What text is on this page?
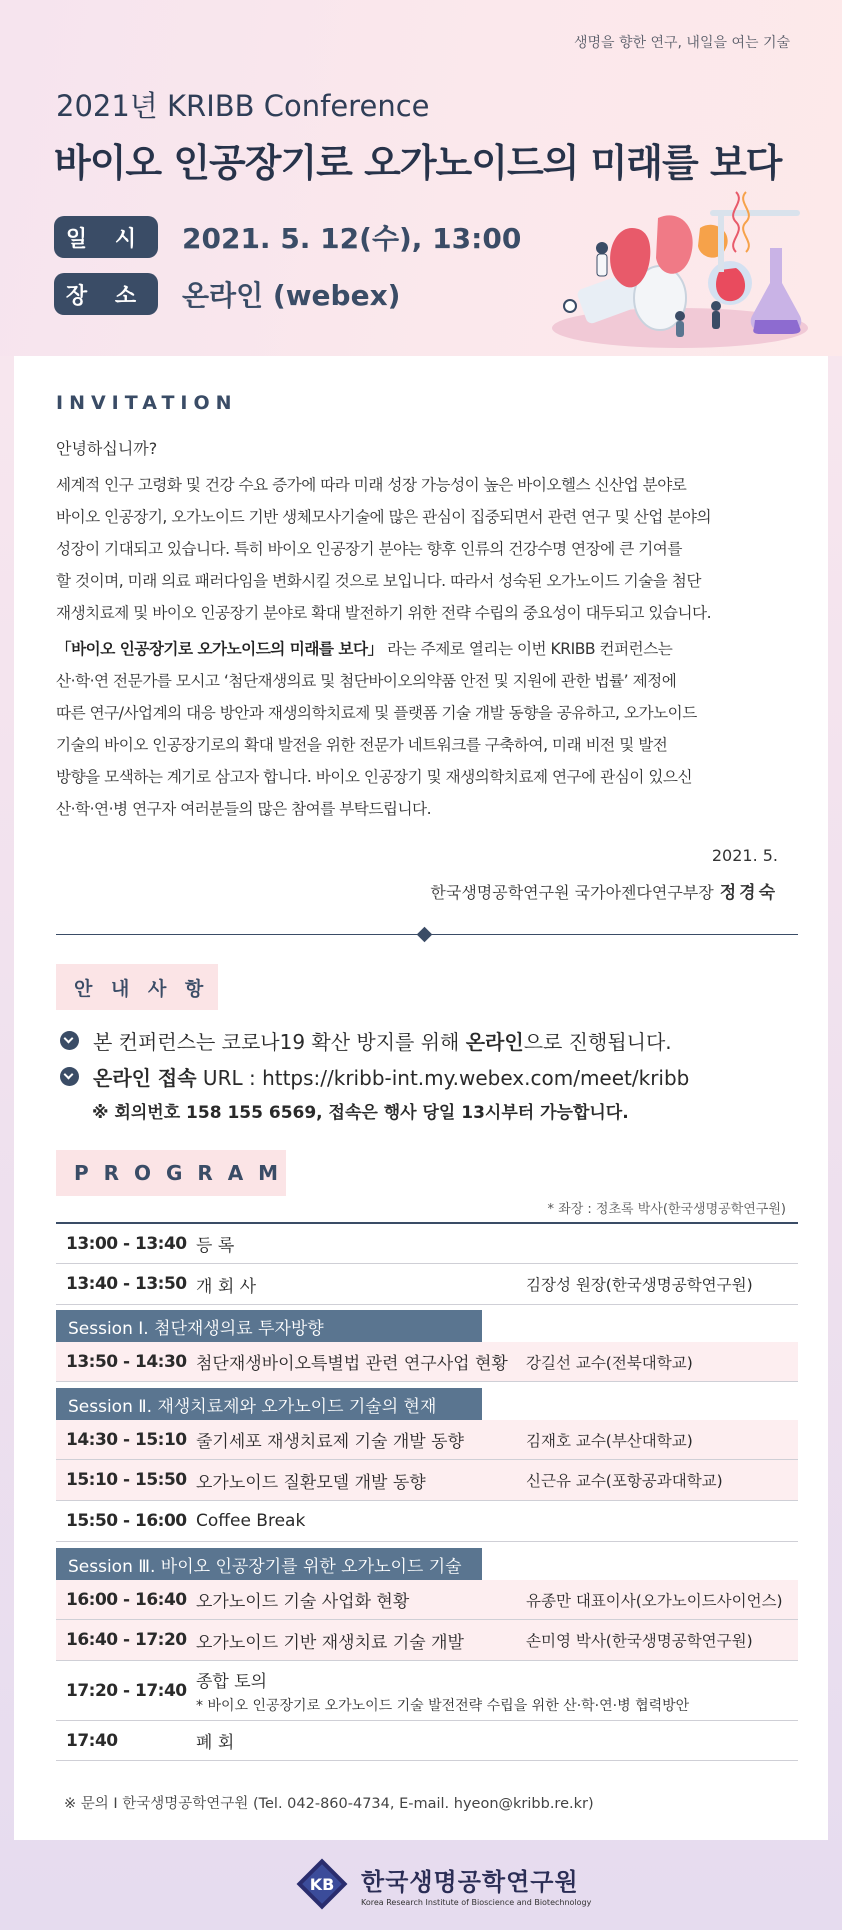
생명을 향한 연구, 내일을 여는 기술
2021년 KRIBB Conference
바이오 인공장기로 오가노이드의 미래를 보다
일 시	2021. 5. 12(수), 13:00
장 소	온라인 (webex)
INVITATION
안녕하십니까?
세계적 인구 고령화 및 건강 수요 증가에 따라 미래 성장 가능성이 높은 바이오헬스 신산업 분야로
바이오 인공장기, 오가노이드 기반 생체모사기술에 많은 관심이 집중되면서 관련 연구 및 산업 분야의
성장이 기대되고 있습니다. 특히 바이오 인공장기 분야는 향후 인류의 건강수명 연장에 큰 기여를
할 것이며, 미래 의료 패러다임을 변화시킬 것으로 보입니다. 따라서 성숙된 오가노이드 기술을 첨단
재생치료제 및 바이오 인공장기 분야로 확대 발전하기 위한 전략 수립의 중요성이 대두되고 있습니다.
「바이오 인공장기로 오가노이드의 미래를 보다」 라는 주제로 열리는 이번 KRIBB 컨퍼런스는
산·학·연 전문가를 모시고 ‘첨단재생의료 및 첨단바이오의약품 안전 및 지원에 관한 법률’ 제정에
따른 연구/사업계의 대응 방안과 재생의학치료제 및 플랫폼 기술 개발 동향을 공유하고, 오가노이드
기술의 바이오 인공장기로의 확대 발전을 위한 전문가 네트워크를 구축하여, 미래 비전 및 발전
방향을 모색하는 계기로 삼고자 합니다. 바이오 인공장기 및 재생의학치료제 연구에 관심이 있으신
산·학·연·병 연구자 여러분들의 많은 참여를 부탁드립니다.
2021. 5.
한국생명공학연구원 국가아젠다연구부장 정경숙
안 내 사 항
본 컨퍼런스는 코로나19 확산 방지를 위해 온라인으로 진행됩니다.
온라인 접속 URL : https://kribb-int.my.webex.com/meet/kribb
※ 회의번호 158 155 6569, 접속은 행사 당일 13시부터 가능합니다.
P R O G R A M
* 좌장 : 정초록 박사(한국생명공학연구원)
13:00 - 13:40 등 록
13:40 - 13:50 개 회 사	김장성 원장(한국생명공학연구원)
Session Ⅰ. 첨단재생의료 투자방향
13:50 - 14:30 첨단재생바이오특별법 관련 연구사업 현황	강길선 교수(전북대학교)
Session Ⅱ. 재생치료제와 오가노이드 기술의 현재
14:30 - 15:10 줄기세포 재생치료제 기술 개발 동향	김재호 교수(부산대학교)
15:10 - 15:50 오가노이드 질환모델 개발 동향	신근유 교수(포항공과대학교)
15:50 - 16:00 Coffee Break
Session Ⅲ. 바이오 인공장기를 위한 오가노이드 기술
16:00 - 16:40 오가노이드 기술 사업화 현황	유종만 대표이사(오가노이드사이언스)
16:40 - 17:20 오가노이드 기반 재생치료 기술 개발	손미영 박사(한국생명공학연구원)
17:20 - 17:40 종합 토의
* 바이오 인공장기로 오가노이드 기술 발전전략 수립을 위한 산·학·연·병 협력방안
17:40	폐 회
※ 문의 I 한국생명공학연구원 (Tel. 042-860-4734, E-mail. hyeon@kribb.re.kr)
KB 한국생명공학연구원
Korea Research Institute of Bioscience and Biotechnology
